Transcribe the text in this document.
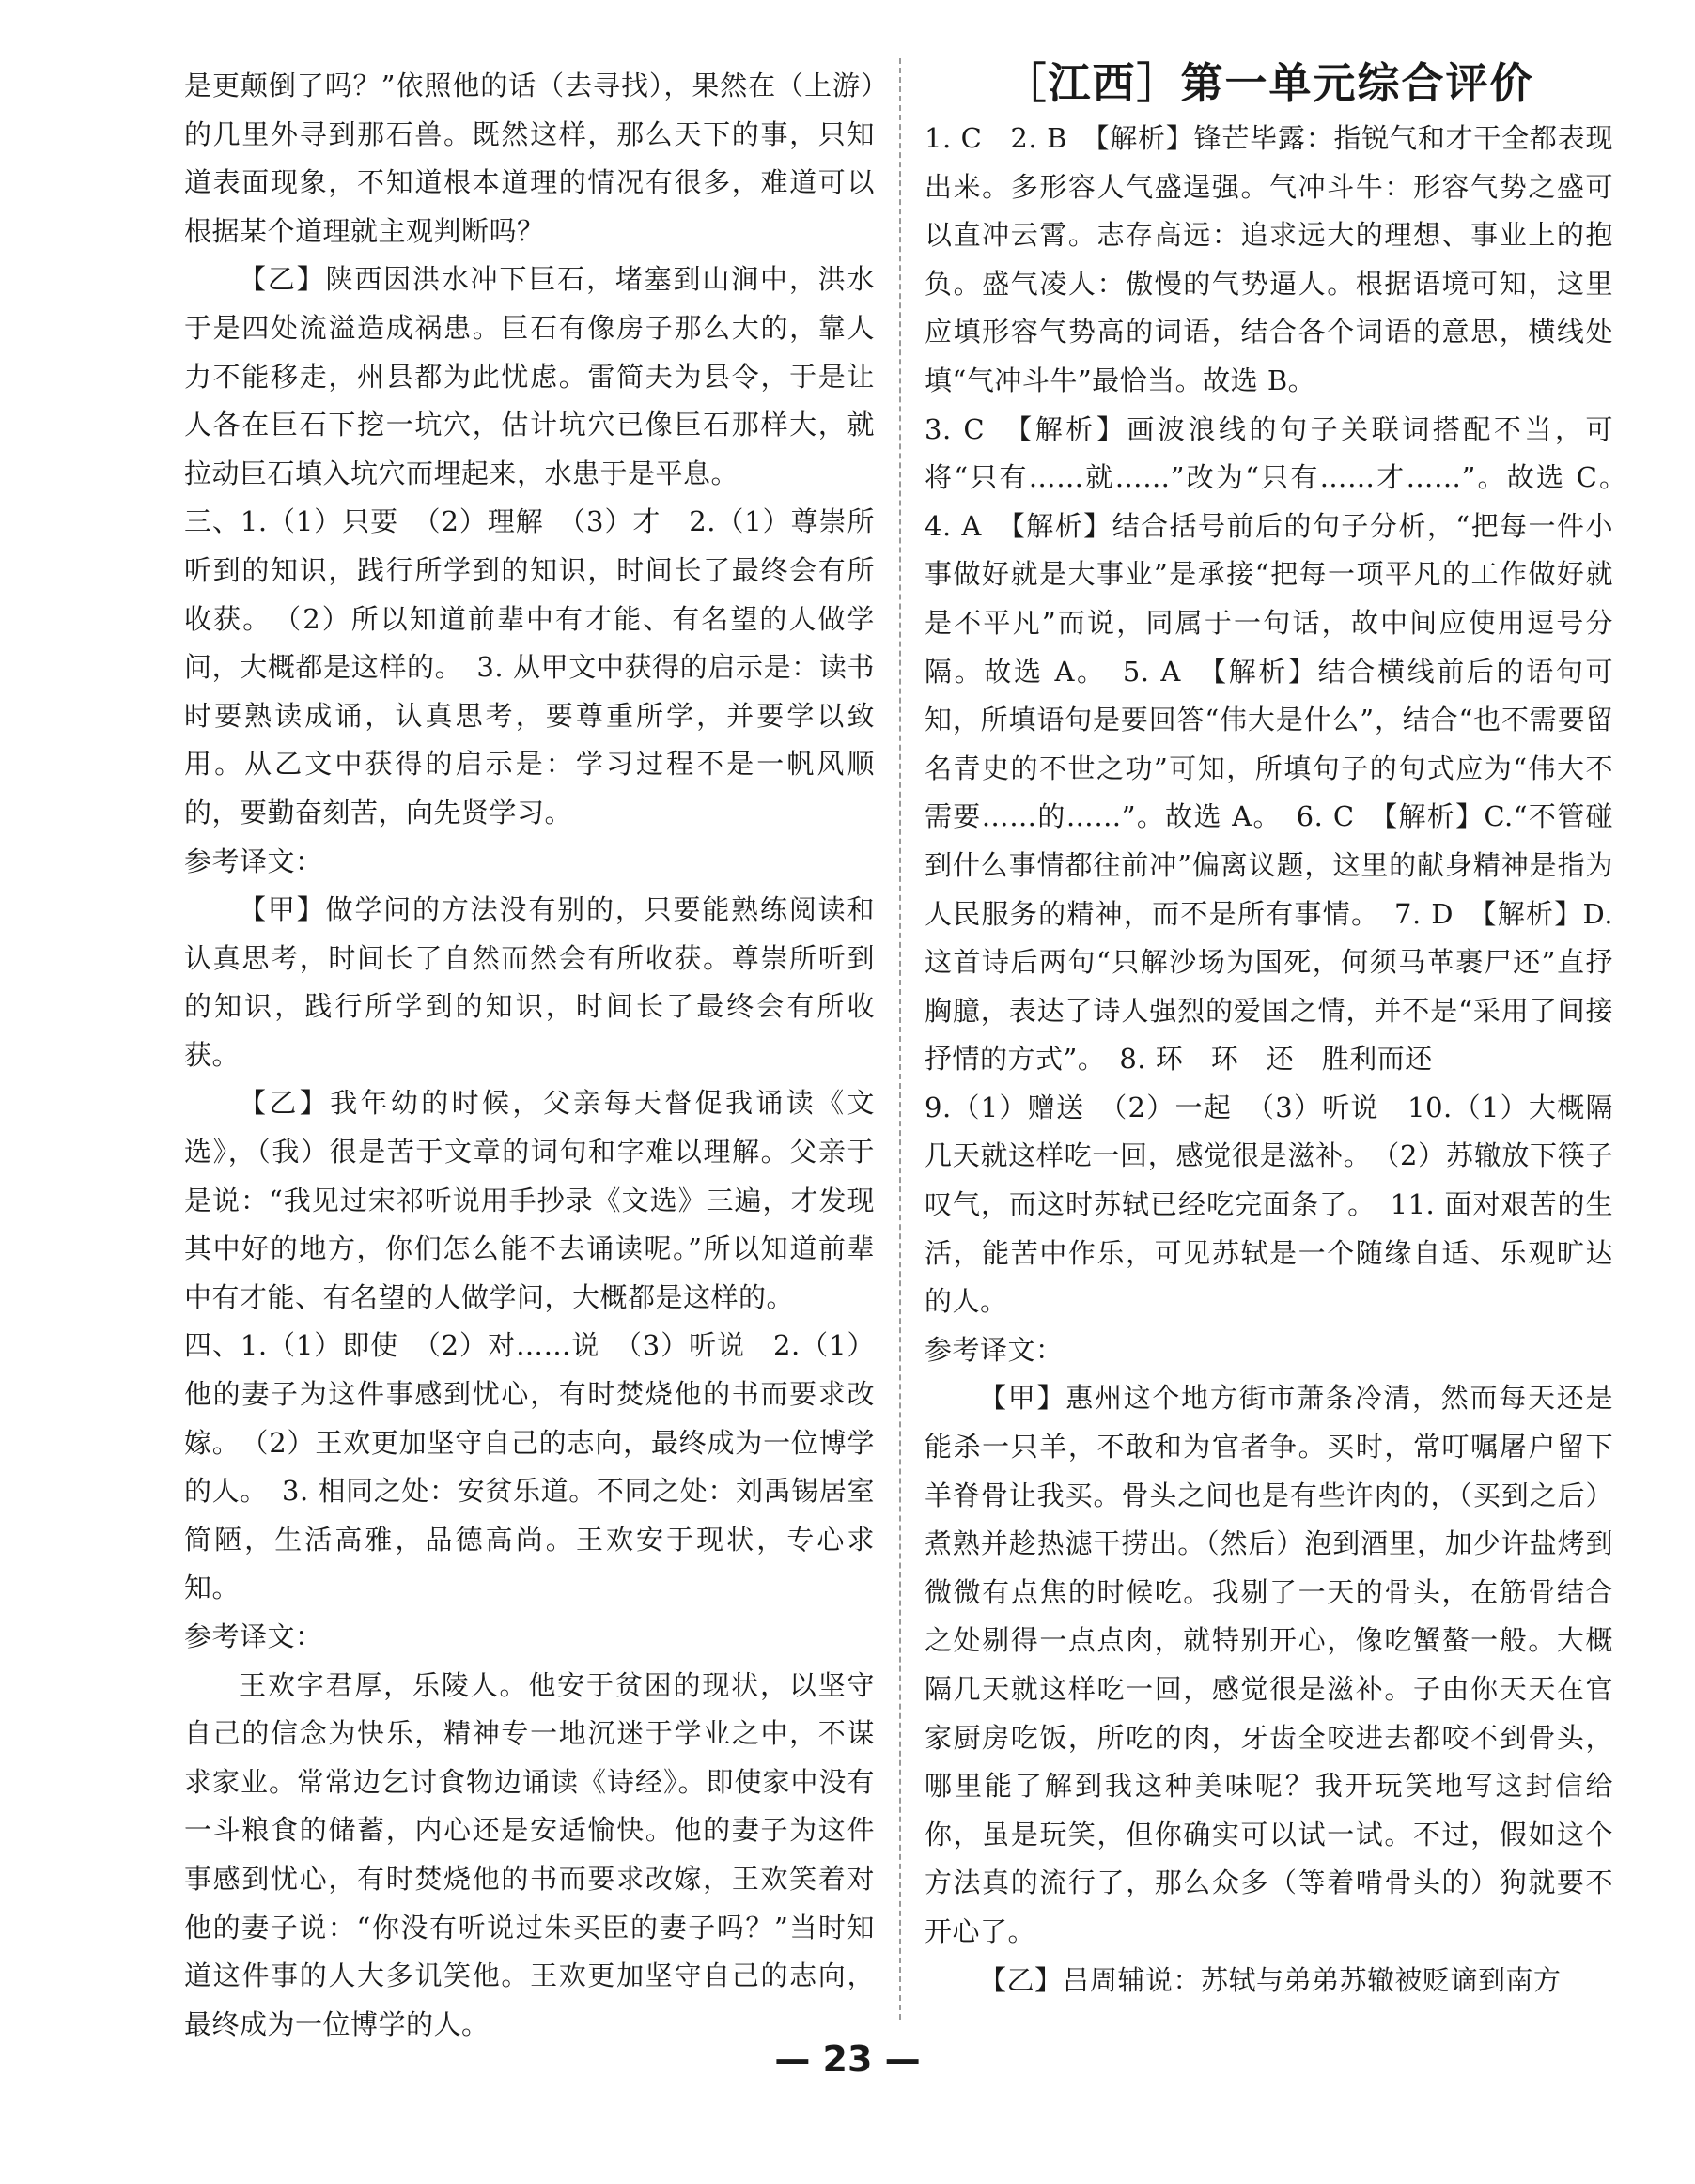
是更颠倒了吗？”依照他的话（去寻找），果然在（上游）的几里外寻到那石兽。既然这样，那么天下的事，只知道表面现象，不知道根本道理的情况有很多，难道可以根据某个道理就主观判断吗？

【乙】陕西因洪水冲下巨石，堵塞到山涧中，洪水于是四处流溢造成祸患。巨石有像房子那么大的，靠人力不能移走，州县都为此忧虑。雷简夫为县令，于是让人各在巨石下挖一坑穴，估计坑穴已像巨石那样大，就拉动巨石填入坑穴而埋起来，水患于是平息。

三、1.（1）只要　（2）理解　（3）才　2.（1）尊崇所听到的知识，践行所学到的知识，时间长了最终会有所收获。　（2）所以知道前辈中有才能、有名望的人做学问，大概都是这样的。　3. 从甲文中获得的启示是：读书时要熟读成诵，认真思考，要尊重所学，并要学以致用。从乙文中获得的启示是：学习过程不是一帆风顺的，要勤奋刻苦，向先贤学习。

参考译文：

【甲】做学问的方法没有别的，只要能熟练阅读和认真思考，时间长了自然而然会有所收获。尊崇所听到的知识，践行所学到的知识，时间长了最终会有所收获。

【乙】我年幼的时候，父亲每天督促我诵读《文选》，（我）很是苦于文章的词句和字难以理解。父亲于是说：“我见过宋祁听说用手抄录《文选》三遍，才发现其中好的地方，你们怎么能不去诵读呢。”所以知道前辈中有才能、有名望的人做学问，大概都是这样的。

四、1.（1）即使　（2）对……说　（3）听说　2.（1）他的妻子为这件事感到忧心，有时焚烧他的书而要求改嫁。　（2）王欢更加坚守自己的志向，最终成为一位博学的人。　3. 相同之处：安贫乐道。不同之处：刘禹锡居室简陋，生活高雅，品德高尚。王欢安于现状，专心求知。

参考译文：

王欢字君厚，乐陵人。他安于贫困的现状，以坚守自己的信念为快乐，精神专一地沉迷于学业之中，不谋求家业。常常边乞讨食物边诵读《诗经》。即使家中没有一斗粮食的储蓄，内心还是安适愉快。他的妻子为这件事感到忧心，有时焚烧他的书而要求改嫁，王欢笑着对他的妻子说：“你没有听说过朱买臣的妻子吗？”当时知道这件事的人大多讥笑他。王欢更加坚守自己的志向，最终成为一位博学的人。

［江西］第一单元综合评价

1. C　2. B　【解析】锋芒毕露：指锐气和才干全都表现出来。多形容人气盛逞强。气冲斗牛：形容气势之盛可以直冲云霄。志存高远：追求远大的理想、事业上的抱负。盛气凌人：傲慢的气势逼人。根据语境可知，这里应填形容气势高的词语，结合各个词语的意思，横线处填“气冲斗牛”最恰当。故选 B。

3. C　【解析】画波浪线的句子关联词搭配不当，可将“只有……就……”改为“只有……才……”。故选 C。　4. A　【解析】结合括号前后的句子分析，“把每一件小事做好就是大事业”是承接“把每一项平凡的工作做好就是不平凡”而说，同属于一句话，故中间应使用逗号分隔。故选 A。　5. A　【解析】结合横线前后的语句可知，所填语句是要回答“伟大是什么”，结合“也不需要留名青史的不世之功”可知，所填句子的句式应为“伟大不需要……的……”。故选 A。　6. C　【解析】C.“不管碰到什么事情都往前冲”偏离议题，这里的献身精神是指为人民服务的精神，而不是所有事情。　7. D　【解析】D. 这首诗后两句“只解沙场为国死，何须马革裹尸还”直抒胸臆，表达了诗人强烈的爱国之情，并不是“采用了间接抒情的方式”。　8. 环　环　还　胜利而还

9.（1）赠送　（2）一起　（3）听说　10.（1）大概隔几天就这样吃一回，感觉很是滋补。　（2）苏辙放下筷子叹气，而这时苏轼已经吃完面条了。　11. 面对艰苦的生活，能苦中作乐，可见苏轼是一个随缘自适、乐观旷达的人。

参考译文：

【甲】惠州这个地方街市萧条冷清，然而每天还是能杀一只羊，不敢和为官者争。买时，常叮嘱屠户留下羊脊骨让我买。骨头之间也是有些许肉的，（买到之后）煮熟并趁热滤干捞出。（然后）泡到酒里，加少许盐烤到微微有点焦的时候吃。我剔了一天的骨头，在筋骨结合之处剔得一点点肉，就特别开心，像吃蟹螯一般。大概隔几天就这样吃一回，感觉很是滋补。子由你天天在官家厨房吃饭，所吃的肉，牙齿全咬进去都咬不到骨头，哪里能了解到我这种美味呢？我开玩笑地写这封信给你，虽是玩笑，但你确实可以试一试。不过，假如这个方法真的流行了，那么众多（等着啃骨头的）狗就要不开心了。

【乙】吕周辅说：苏轼与弟弟苏辙被贬谪到南方

— 23 —
